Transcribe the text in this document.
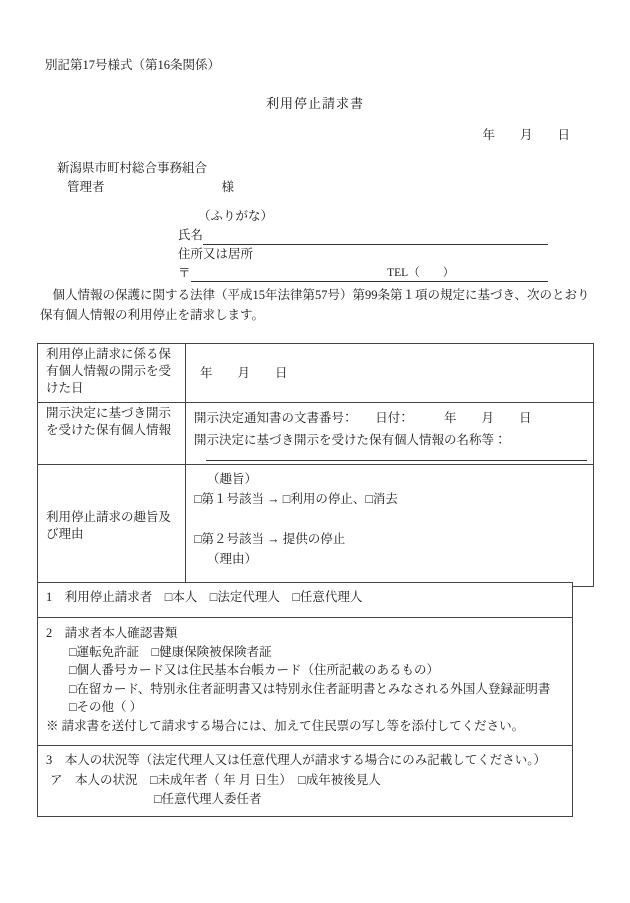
別記第17号様式（第16条関係）
利用停止請求書
年　　月　　日
新潟県市町村総合事務組合
管理者	様
（ふりがな）
氏名
住所又は居所
〒	TEL（　　）
個人情報の保護に関する法律（平成15年法律第57号）第99条第１項の規定に基づき、次のとおり保有個人情報の利用停止を請求します。
利用停止請求に係る保有個人情報の開示を受けた日	年　　月　　日
開示決定に基づき開示を受けた保有個人情報	開示決定通知書の文書番号：　　日付：　　　年　　月　　日
開示決定に基づき開示を受けた保有個人情報の名称等：

利用停止請求の趣旨及び理由	（趣旨）
□第１号該当 → □利用の停止、□消去
□第２号該当 → 提供の停止
（理由）
1　利用停止請求者　□本人　□法定代理人　□任意代理人

2　請求者本人確認書類
□運転免許証　□健康保険被保険者証
□個人番号カード又は住民基本台帳カード（住所記載のあるもの）
□在留カード、特別永住者証明書又は特別永住者証明書とみなされる外国人登録証明書
□その他（ ）
※ 請求書を送付して請求する場合には、加えて住民票の写し等を添付してください。

3　本人の状況等（法定代理人又は任意代理人が請求する場合にのみ記載してください。）
ア　本人の状況　□未成年者（ 年 月 日生）　□成年被後見人
□任意代理人委任者
